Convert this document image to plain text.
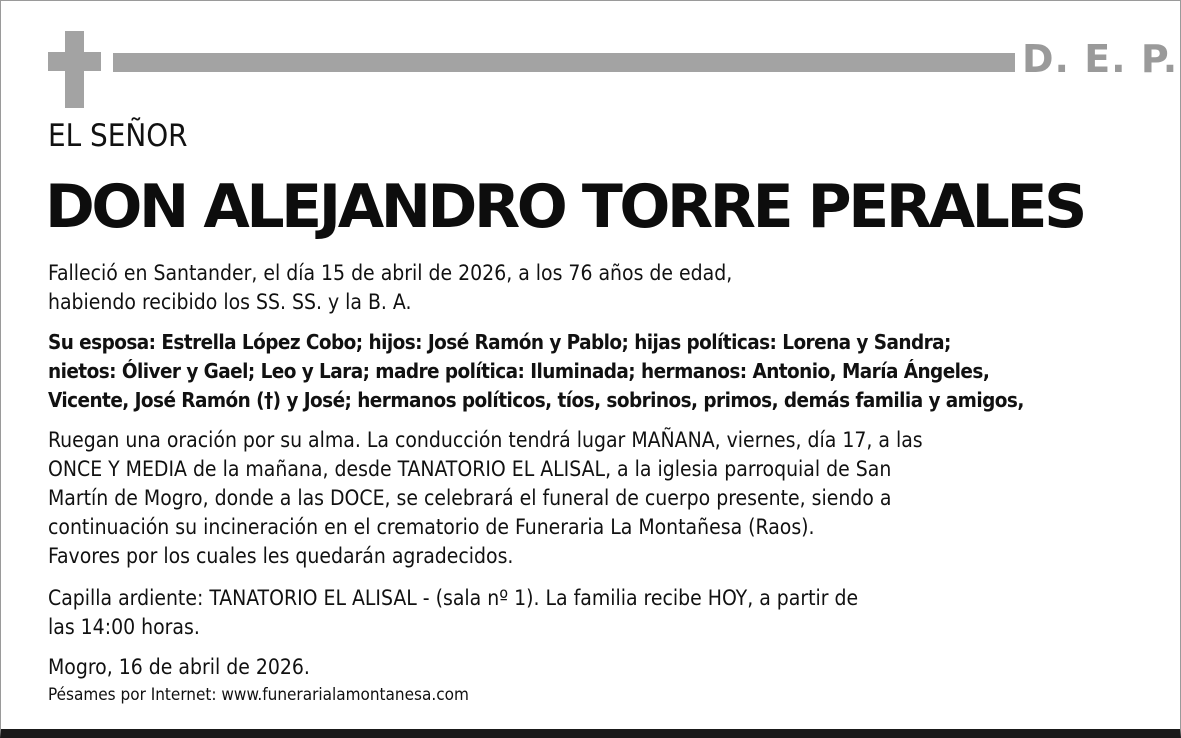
D. E. P.
EL SEÑOR
DON ALEJANDRO TORRE PERALES
Falleció en Santander, el día 15 de abril de 2026, a los 76 años de edad,
habiendo recibido los SS. SS. y la B. A.
Su esposa: Estrella López Cobo; hijos: José Ramón y Pablo; hijas políticas: Lorena y Sandra;
nietos: Óliver y Gael; Leo y Lara; madre política: Iluminada; hermanos: Antonio, María Ángeles,
Vicente, José Ramón (†) y José; hermanos políticos, tíos, sobrinos, primos, demás familia y amigos,
Ruegan una oración por su alma. La conducción tendrá lugar MAÑANA, viernes, día 17, a las
ONCE Y MEDIA de la mañana, desde TANATORIO EL ALISAL, a la iglesia parroquial de San
Martín de Mogro, donde a las DOCE, se celebrará el funeral de cuerpo presente, siendo a
continuación su incineración en el crematorio de Funeraria La Montañesa (Raos).
Favores por los cuales les quedarán agradecidos.
Capilla ardiente: TANATORIO EL ALISAL - (sala nº 1). La familia recibe HOY, a partir de
las 14:00 horas.
Mogro, 16 de abril de 2026.
Pésames por Internet: www.funerarialamontanesa.com
